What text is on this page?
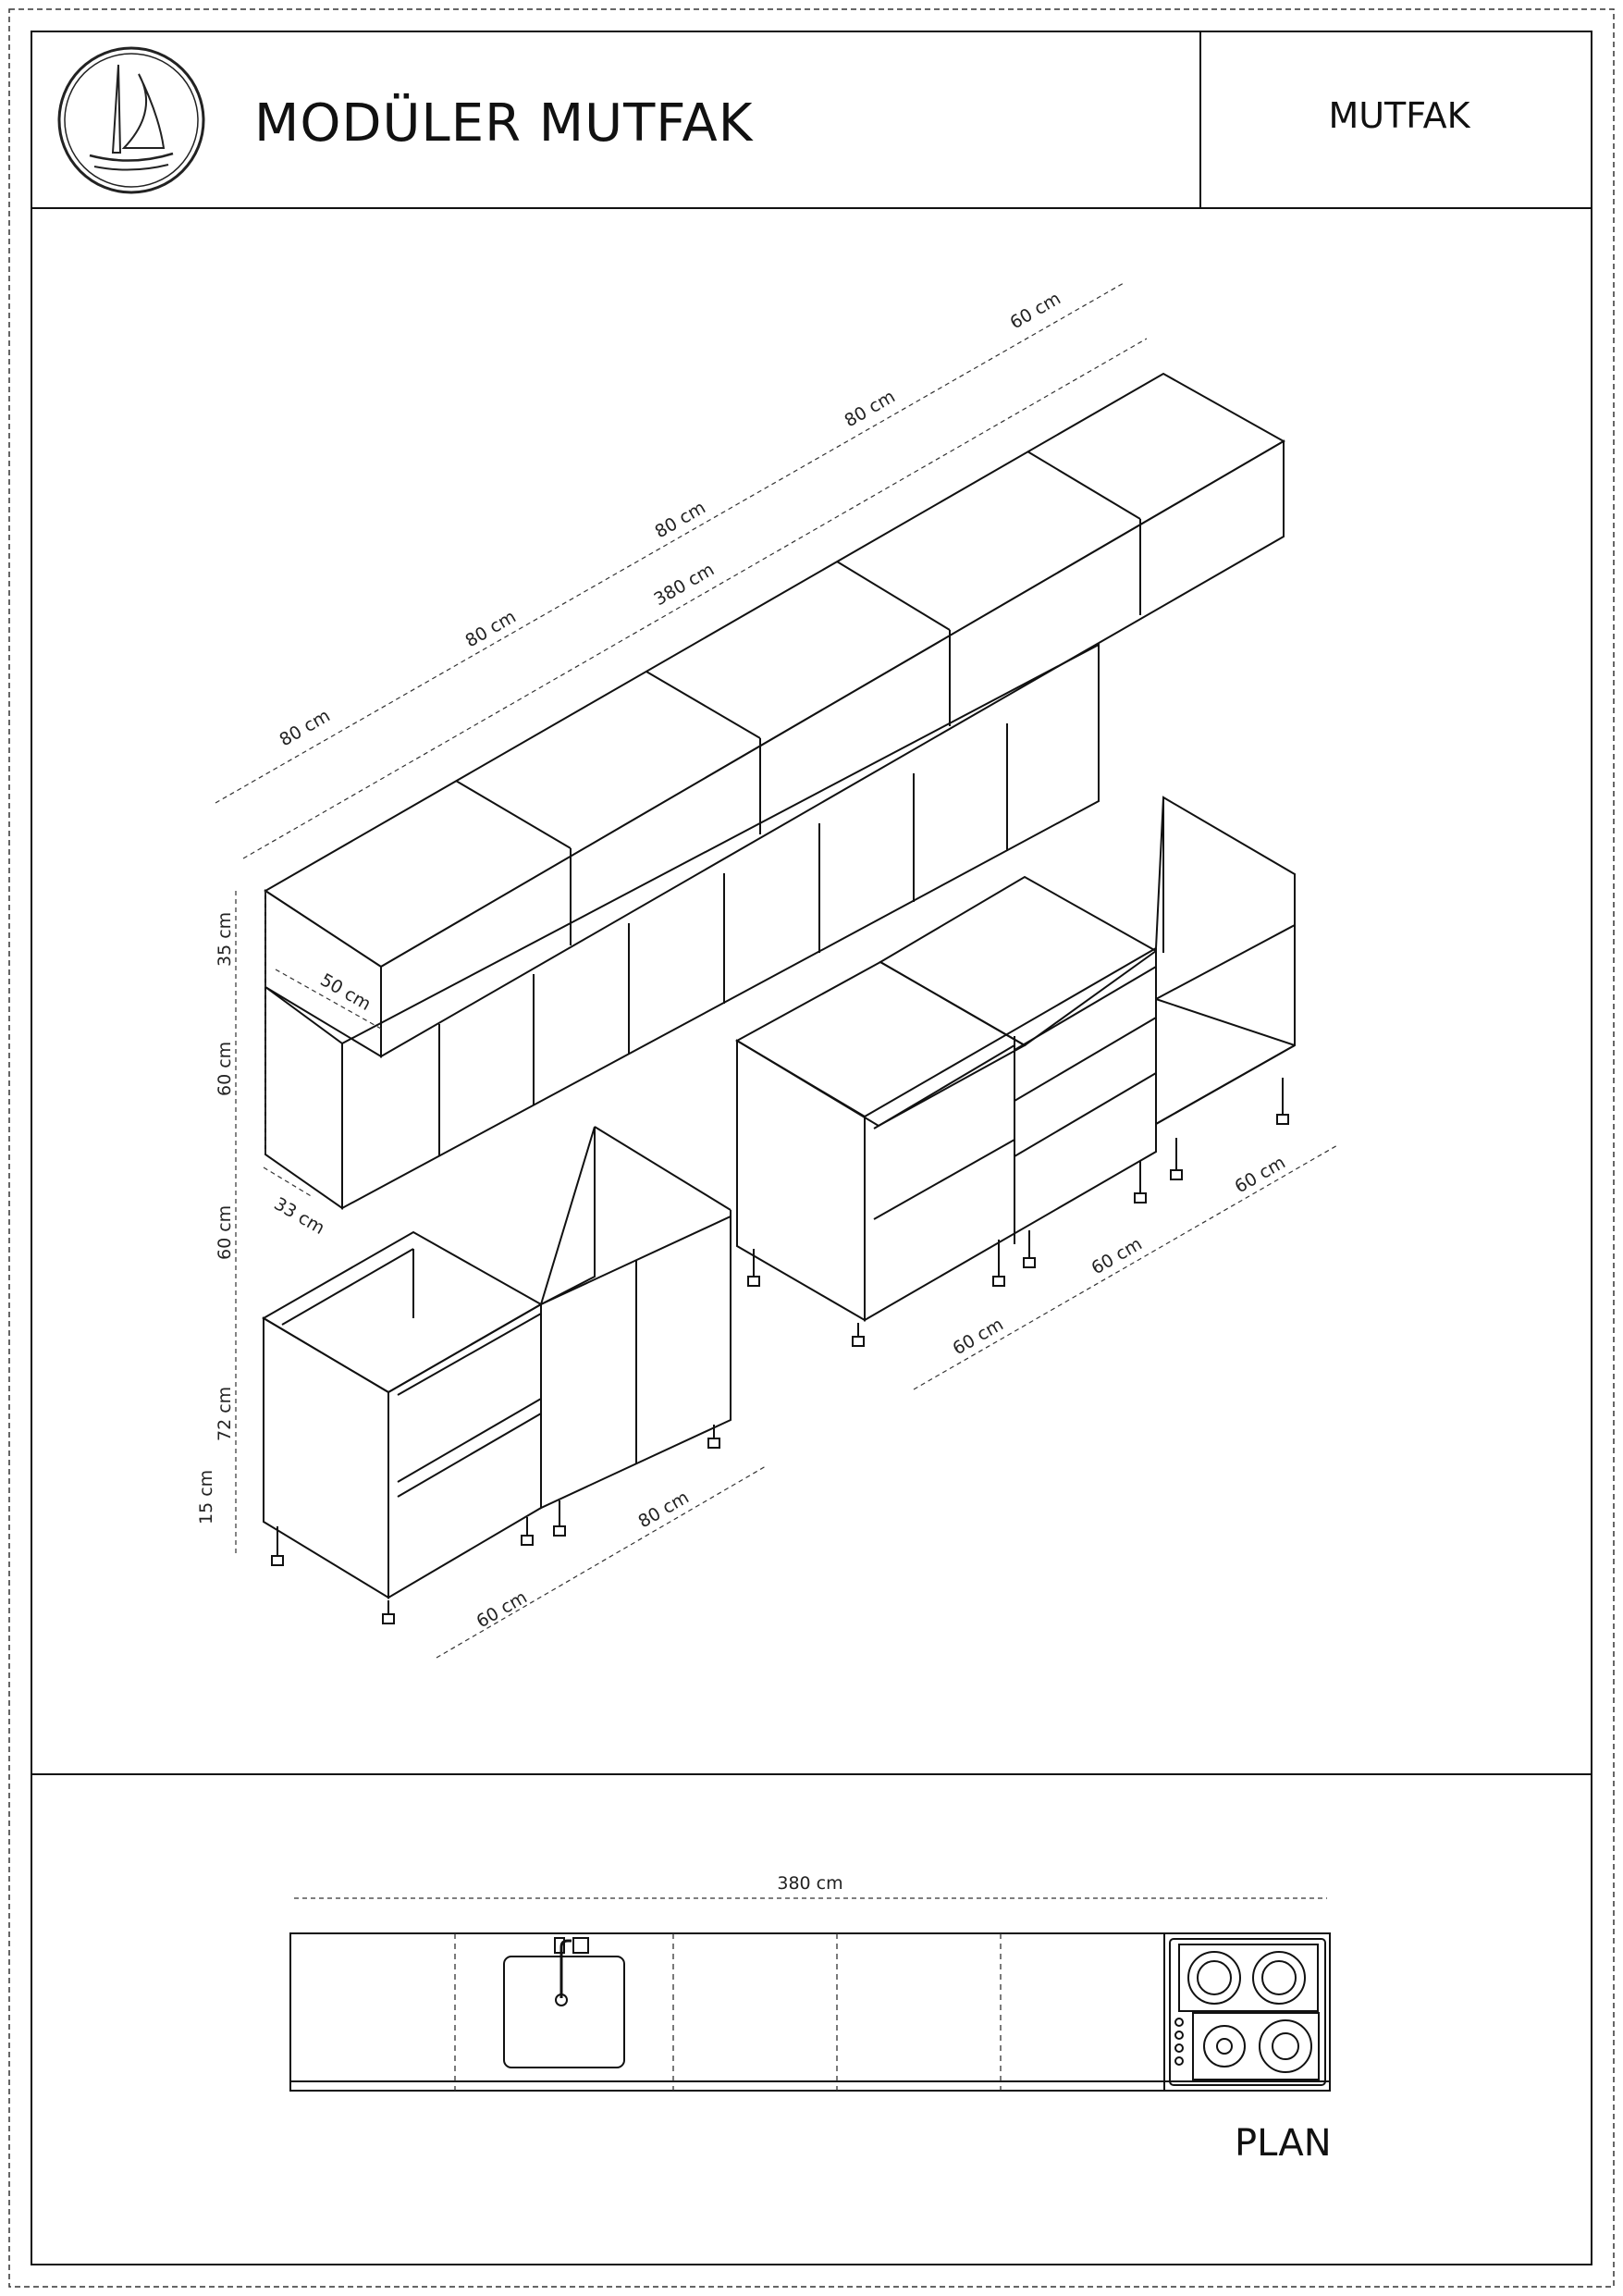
MODÜLER MUTFAK	MUTFAK
80 cm
80 cm
80 cm
80 cm
60 cm
380 cm
35 cm
50 cm
60 cm
33 cm
60 cm
72 cm
15 cm
60 cm
80 cm
60 cm
60 cm
60 cm
380 cm
PLAN
